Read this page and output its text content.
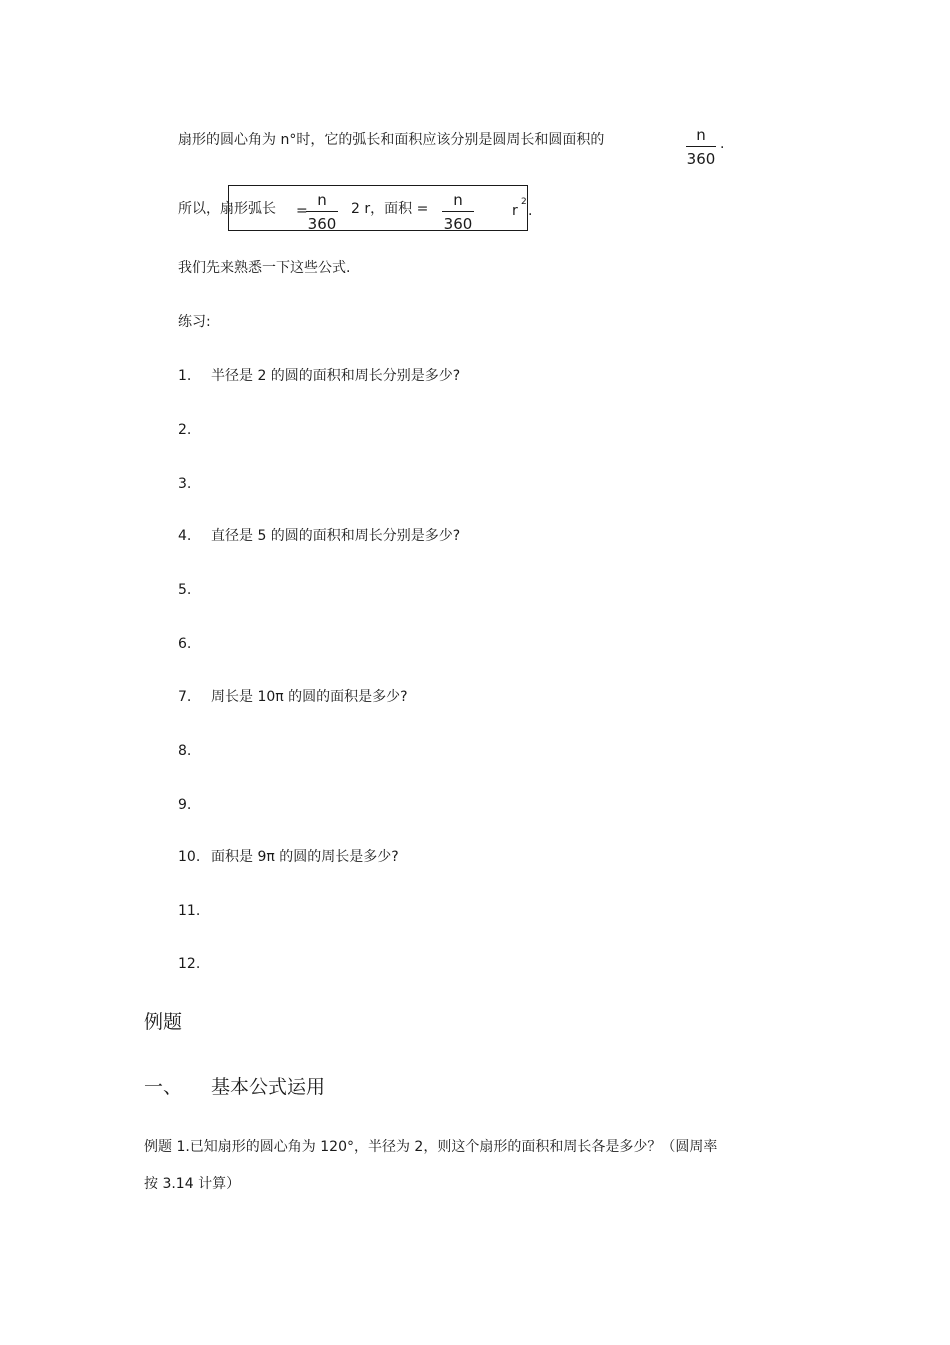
扇形的圆心角为 n°时，它的弧长和面积应该分别是圆周长和圆面积的	n
360
.
所以，扇形弧长 =
n
360
2 r，面积 =	n
360
r
2
.
我们先来熟悉一下这些公式.
练习:
1. 半径是 2 的圆的面积和周长分别是多少?
2.
3.
4. 直径是 5 的圆的面积和周长分别是多少?
5.
6.
7. 周长是 10π 的圆的面积是多少?
8.
9.
10. 面积是 9π 的圆的周长是多少?
11.
12.
例题
一、 基本公式运用
例题 1.已知扇形的圆心角为 120°，半径为 2，则这个扇形的面积和周长各是多少？（圆周率
按 3.14 计算）
